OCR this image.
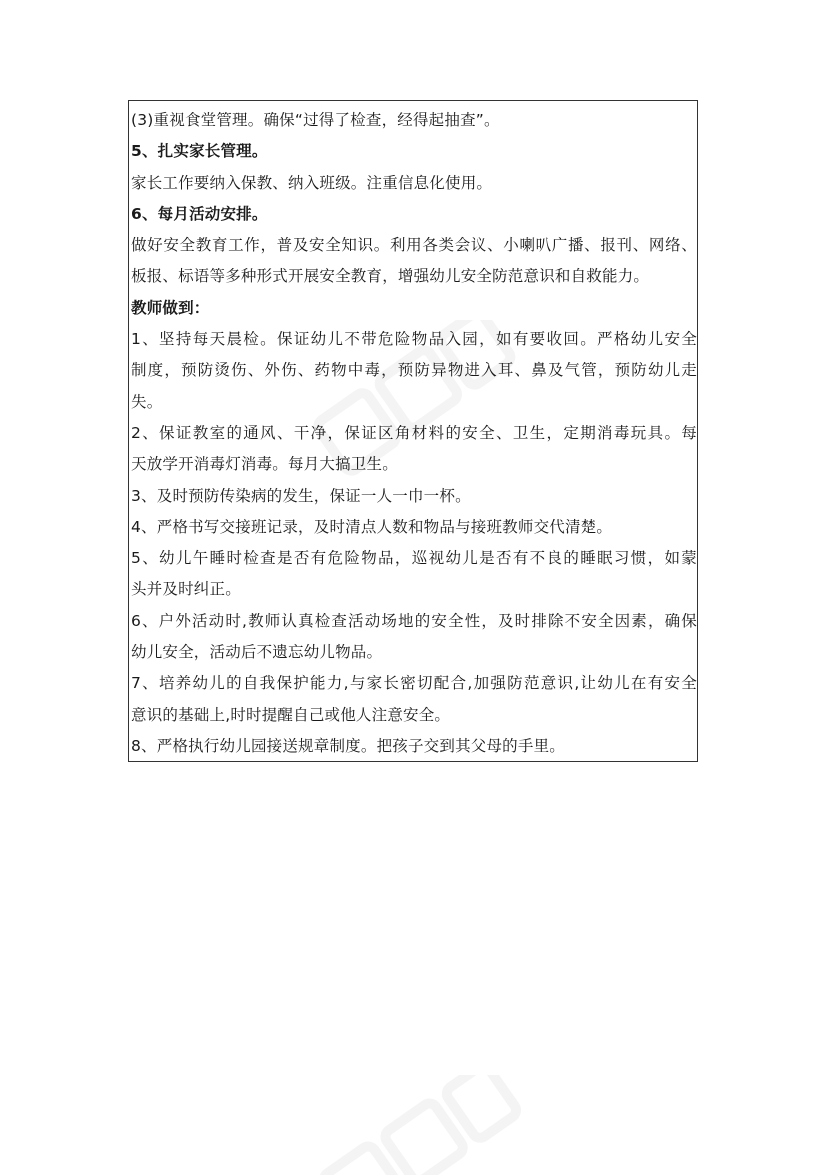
(3)重视食堂管理。确保“过得了检查，经得起抽查”。
5、扎实家长管理。
家长工作要纳入保教、纳入班级。注重信息化使用。
6、每月活动安排。
做好安全教育工作，普及安全知识。利用各类会议、小喇叭广播、报刊、网络、
板报、标语等多种形式开展安全教育，增强幼儿安全防范意识和自救能力。
教师做到：
1、坚持每天晨检。保证幼儿不带危险物品入园，如有要收回。严格幼儿安全
制度，预防烫伤、外伤、药物中毒，预防异物进入耳、鼻及气管，预防幼儿走
失。
2、保证教室的通风、干净，保证区角材料的安全、卫生，定期消毒玩具。每
天放学开消毒灯消毒。每月大搞卫生。
3、及时预防传染病的发生，保证一人一巾一杯。
4、严格书写交接班记录，及时清点人数和物品与接班教师交代清楚。
5、幼儿午睡时检查是否有危险物品，巡视幼儿是否有不良的睡眠习惯，如蒙
头并及时纠正。
6、户外活动时,教师认真检查活动场地的安全性，及时排除不安全因素，确保
幼儿安全，活动后不遗忘幼儿物品。
7、培养幼儿的自我保护能力,与家长密切配合,加强防范意识,让幼儿在有安全
意识的基础上,时时提醒自己或他人注意安全。
8、严格执行幼儿园接送规章制度。把孩子交到其父母的手里。
